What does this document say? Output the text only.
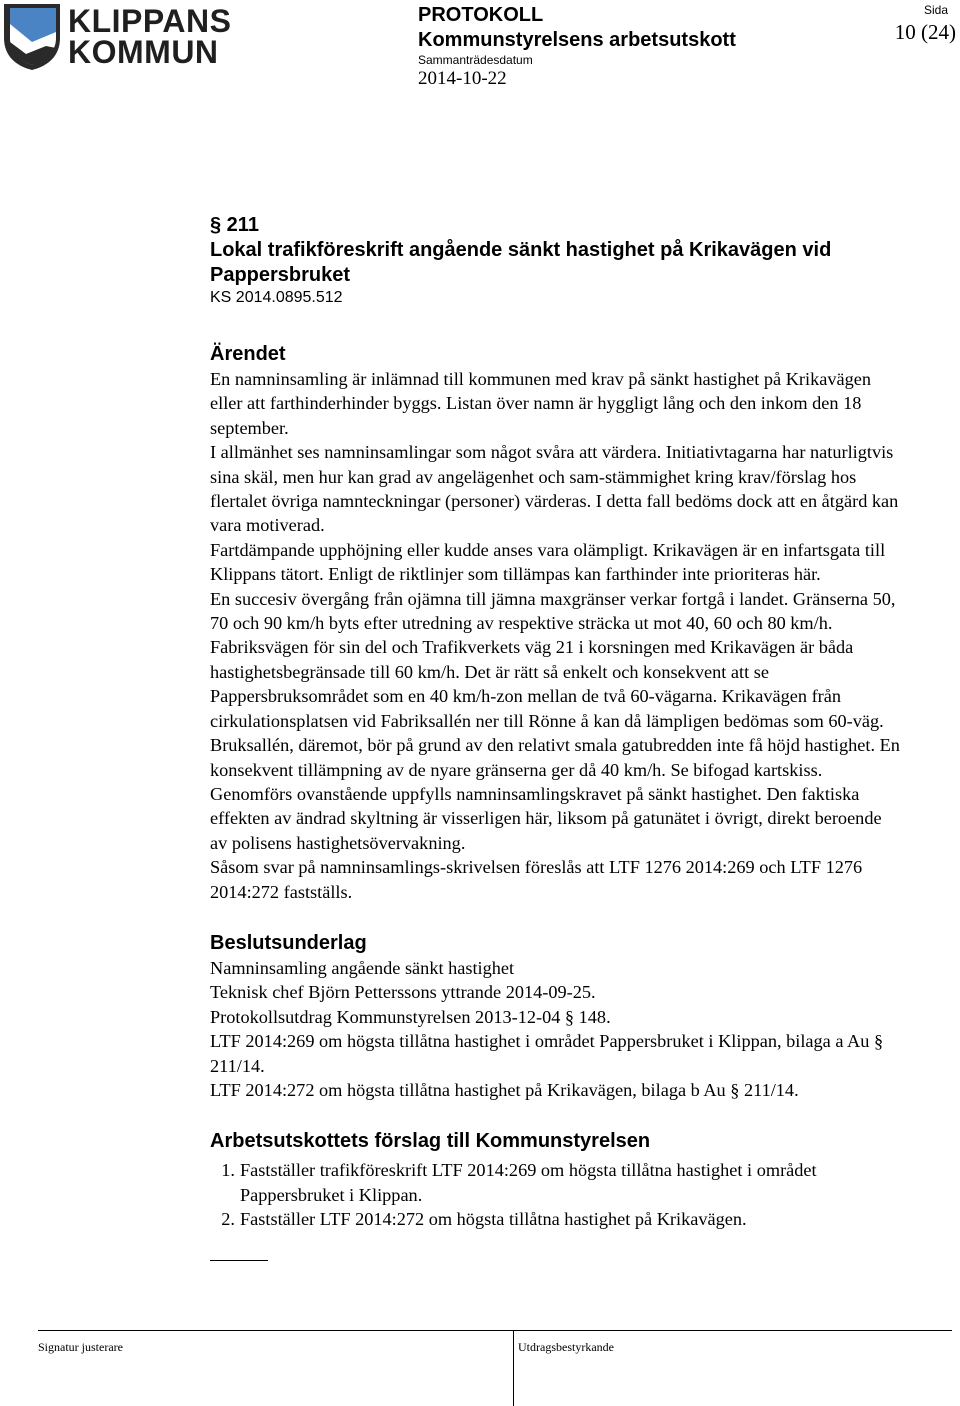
KLIPPANS
KOMMUN
PROTOKOLL
Kommunstyrelsens arbetsutskott
Sammanträdesdatum
2014-10-22
Sida
10 (24)
§ 211
Lokal trafikföreskrift angående sänkt hastighet på Krikavägen vid Pappersbruket
KS 2014.0895.512
Ärendet

En namninsamling är inlämnad till kommunen med krav på sänkt hastighet på Krikavägen eller att farthinderhinder byggs. Listan över namn är hyggligt lång och den inkom den 18 september.

I allmänhet ses namninsamlingar som något svåra att värdera. Initiativtagarna har naturligtvis sina skäl, men hur kan grad av angelägenhet och sam-stämmighet kring krav/förslag hos flertalet övriga namnteckningar (personer) värderas. I detta fall bedöms dock att en åtgärd kan vara motiverad.

Fartdämpande upphöjning eller kudde anses vara olämpligt. Krikavägen är en infartsgata till Klippans tätort. Enligt de riktlinjer som tillämpas kan farthinder inte prioriteras här.

En succesiv övergång från ojämna till jämna maxgränser verkar fortgå i landet. Gränserna 50, 70 och 90 km/h byts efter utredning av respektive sträcka ut mot 40, 60 och 80 km/h. Fabriksvägen för sin del och Trafikverkets väg 21 i korsningen med Krikavägen är båda hastighetsbegränsade till 60 km/h. Det är rätt så enkelt och konsekvent att se Pappersbruksområdet som en 40 km/h-zon mellan de två 60-vägarna. Krikavägen från cirkulationsplatsen vid Fabriksallén ner till Rönne å kan då lämpligen bedömas som 60-väg. Bruksallén, däremot, bör på grund av den relativt smala gatubredden inte få höjd hastighet. En konsekvent tillämpning av de nyare gränserna ger då 40 km/h. Se bifogad kartskiss. Genomförs ovanstående uppfylls namninsamlingskravet på sänkt hastighet. Den faktiska effekten av ändrad skyltning är visserligen här, liksom på gatunätet i övrigt, direkt beroende av polisens hastighetsövervakning.

Såsom svar på namninsamlings-skrivelsen föreslås att LTF 1276 2014:269 och LTF 1276 2014:272 fastställs.

Beslutsunderlag

Namninsamling angående sänkt hastighet

Teknisk chef Björn Petterssons yttrande 2014-09-25.

Protokollsutdrag Kommunstyrelsen 2013-12-04 § 148.

LTF 2014:269 om högsta tillåtna hastighet i området Pappersbruket i Klippan, bilaga a Au § 211/14.

LTF 2014:272 om högsta tillåtna hastighet på Krikavägen, bilaga b Au § 211/14.

Arbetsutskottets förslag till Kommunstyrelsen
1. Fastställer trafikföreskrift LTF 2014:269 om högsta tillåtna hastighet i området Pappersbruket i Klippan.
2. Fastställer LTF 2014:272 om högsta tillåtna hastighet på Krikavägen.
Signatur justerare	Utdragsbestyrkande
